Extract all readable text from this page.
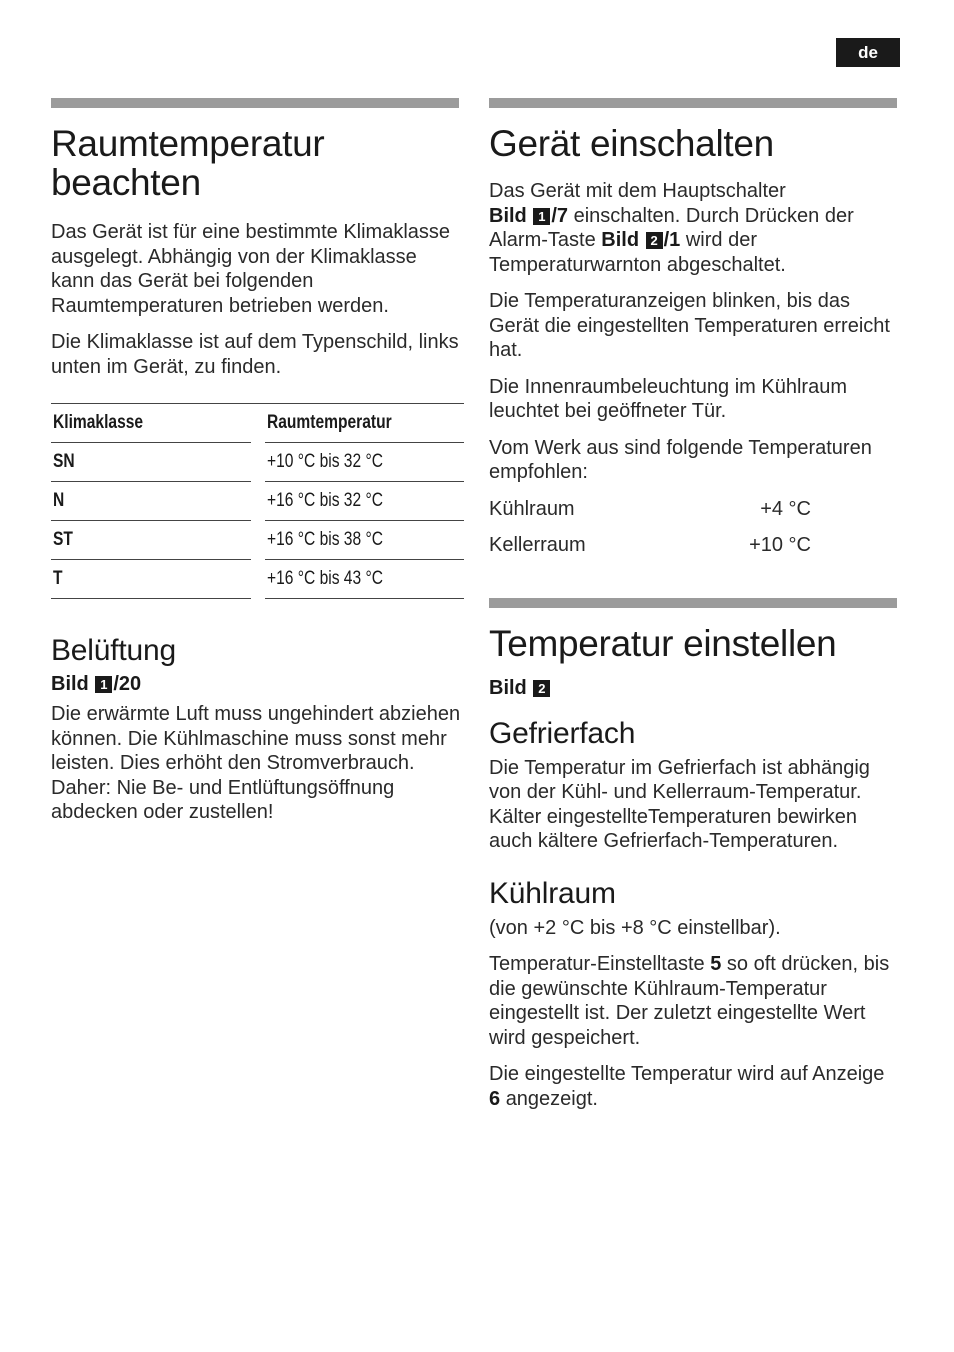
de
Raumtemperatur
beachten

Das Gerät ist für eine bestimmte Klimaklasse ausgelegt. Abhängig von der Klimaklasse kann das Gerät bei folgenden Raumtemperaturen betrieben werden.

Die Klimaklasse ist auf dem Typenschild, links unten im Gerät, zu finden.

Klimaklasse		Raumtemperatur
SN		+10 °C bis 32 °C
N		+16 °C bis 32 °C
ST		+16 °C bis 38 °C
T		+16 °C bis 43 °C
Belüftung
Bild 1 /20

Die erwärmte Luft muss ungehindert abziehen können. Die Kühlmaschine muss sonst mehr leisten. Dies erhöht den Stromverbrauch.

Daher: Nie Be- und Entlüftungsöffnung abdecken oder zustellen!

Gerät einschalten

Das Gerät mit dem Hauptschalter
Bild 1 /7 einschalten. Durch Drücken der Alarm-Taste Bild 2 /1 wird der Temperaturwarnton abgeschaltet.

Die Temperaturanzeigen blinken, bis das Gerät die eingestellten Temperaturen erreicht hat.

Die Innenraumbeleuchtung im Kühlraum leuchtet bei geöffneter Tür.

Vom Werk aus sind folgende Temperaturen empfohlen:

Kühlraum	+4 °C
Kellerraum	+10 °C
Temperatur einstellen
Bild 2
Gefrierfach

Die Temperatur im Gefrierfach ist abhängig von der Kühl- und Kellerraum-Temperatur. Kälter eingestellteTemperaturen bewirken auch kältere Gefrierfach-Temperaturen.

Kühlraum

(von +2 °C bis +8 °C einstellbar).

Temperatur-Einstelltaste 5 so oft drücken, bis die gewünschte Kühlraum-Temperatur eingestellt ist. Der zuletzt eingestellte Wert wird gespeichert.

Die eingestellte Temperatur wird auf Anzeige 6 angezeigt.
